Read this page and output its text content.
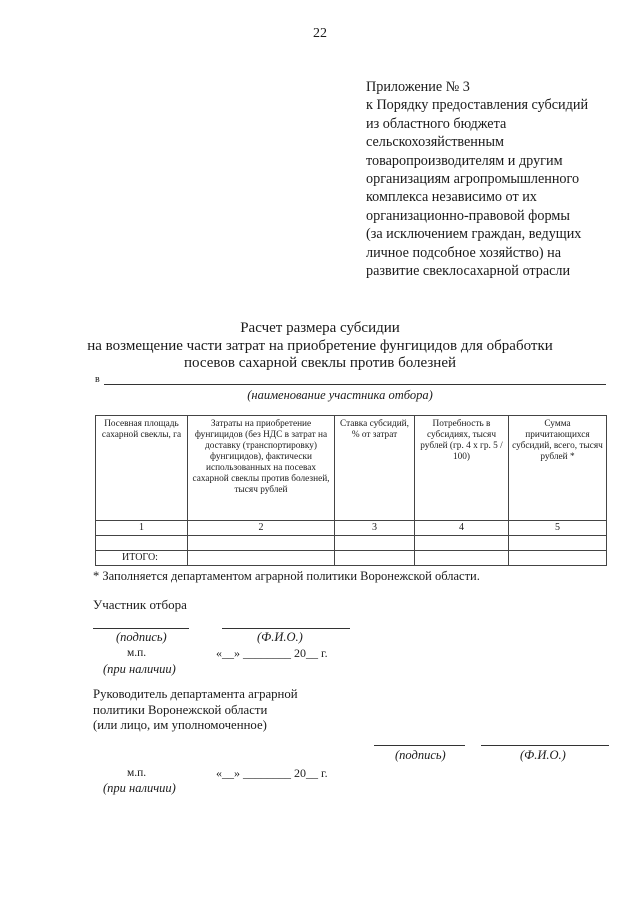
22
Приложение № 3
к Порядку предоставления субсидий
из областного бюджета
сельскохозяйственным
товаропроизводителям и другим
организациям агропромышленного
комплекса независимо от их
организационно-правовой формы
(за исключением граждан, ведущих
личное подсобное хозяйство) на
развитие свеклосахарной отрасли
Расчет размера субсидии
на возмещение части затрат на приобретение фунгицидов для обработки
посевов сахарной свеклы против болезней
в
(наименование участника отбора)
Посевная площадь сахарной свеклы, га	Затраты на приобретение фунгицидов (без НДС в затрат на доставку (транспортировку) фунгицидов), фактически использованных на посевах сахарной свеклы против болезней, тысяч рублей	Ставка субсидий, % от затрат	Потребность в субсидиях, тысяч рублей (гр. 4 х гр. 5 / 100)	Сумма причитающихся субсидий, всего, тысяч рублей *
1	2	3	4	5

ИТОГО:				
* Заполняется департаментом аграрной политики Воронежской области.
Участник отбора
(подпись)	(Ф.И.О.)
м.п.	«__» ________ 20__ г.
(при наличии)
Руководитель департамента аграрной
политики Воронежской области
(или лицо, им уполномоченное)
(подпись)	(Ф.И.О.)
м.п.	«__» ________ 20__ г.
(при наличии)
